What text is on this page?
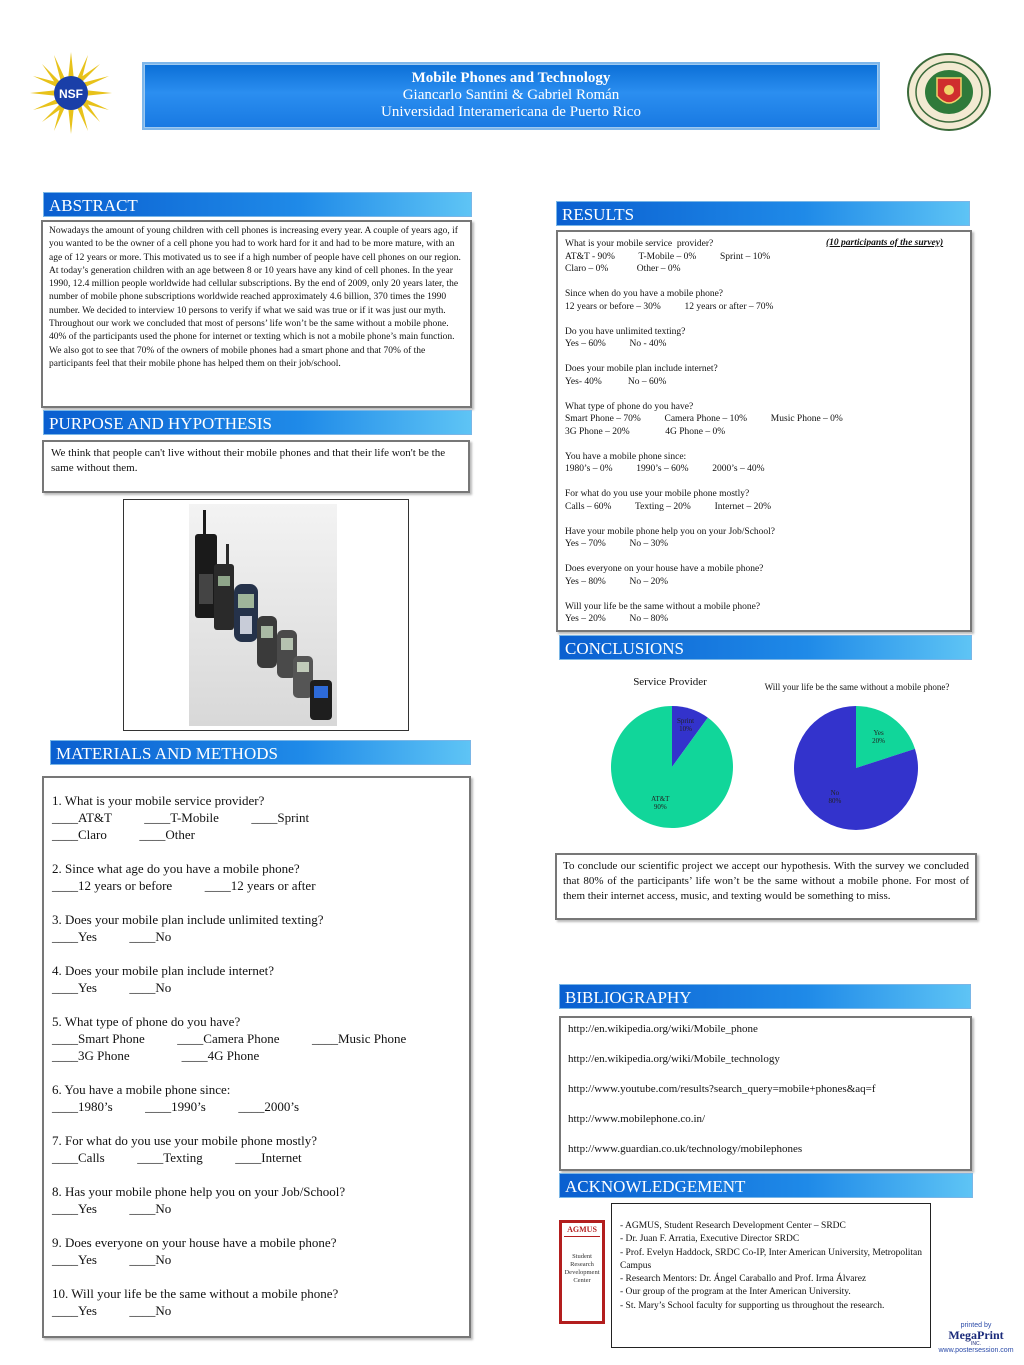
NSF
Mobile Phones and Technology
Giancarlo Santini & Gabriel Román
Universidad Interamericana de Puerto Rico
ABSTRACT
Nowadays the amount of young children with cell phones is increasing every year. A couple of years ago, if you wanted to be the owner of a cell phone you had to work hard for it and had to be more mature, with an age of 12 years or more. This motivated us to see if a high number of people have cell phones on our region. At today’s generation children with an age between 8 or 10 years have any kind of cell phones. In the year 1990, 12.4 million people worldwide had cellular subscriptions. By the end of 2009, only 20 years later, the number of mobile phone subscriptions worldwide reached approximately 4.6 billion, 370 times the 1990 number. We decided to interview 10 persons to verify if what we said was true or if it was just our myth. Throughout our work we concluded that most of persons’ life won’t be the same without a mobile phone. 40% of the participants used the phone for internet or texting which is not a mobile phone’s main function. We also got to see that 70% of the owners of mobile phones had a smart phone and that 70% of the participants feel that their mobile phone has helped them on their job/school.
PURPOSE AND HYPOTHESIS
We think that people can't live without their mobile phones and that their life won't be the same without them.
MATERIALS AND METHODS
1. What is your mobile service provider?
____AT&T          ____T-Mobile          ____Sprint
____Claro          ____Other
2. Since what age do you have a mobile phone?
____12 years or before          ____12 years or after
3. Does your mobile plan include unlimited texting?
____Yes          ____No
4. Does your mobile plan include internet?
____Yes          ____No
5. What type of phone do you have?
____Smart Phone          ____Camera Phone          ____Music Phone
____3G Phone                ____4G Phone
6. You have a mobile phone since:
____1980’s          ____1990’s          ____2000’s
7. For what do you use your mobile phone mostly?
____Calls          ____Texting          ____Internet
8. Has your mobile phone help you on your Job/School?
____Yes          ____No
9. Does everyone on your house have a mobile phone?
____Yes          ____No
10. Will your life be the same without a mobile phone?
____Yes          ____No
RESULTS
(10 participants of the survey)
What is your mobile service  provider?
AT&T - 90%          T-Mobile – 0%          Sprint – 10%
Claro – 0%            Other – 0%
Since when do you have a mobile phone?
12 years or before – 30%          12 years or after – 70%
Do you have unlimited texting?
Yes – 60%          No - 40%
Does your mobile plan include internet?
Yes- 40%           No – 60%
What type of phone do you have?
Smart Phone – 70%          Camera Phone – 10%          Music Phone – 0%
3G Phone – 20%               4G Phone – 0%
You have a mobile phone since:
1980’s – 0%          1990’s – 60%          2000’s – 40%
For what do you use your mobile phone mostly?
Calls – 60%          Texting – 20%          Internet – 20%
Have your mobile phone help you on your Job/School?
Yes – 70%          No – 30%
Does everyone on your house have a mobile phone?
Yes – 80%          No – 20%
Will your life be the same without a mobile phone?
Yes – 20%          No – 80%
CONCLUSIONS
Service Provider
Sprint 10%
AT&T 90%
Will your life be the same without a mobile phone?
Yes 20%
No 80%
To conclude our scientific project we accept our hypothesis. With the survey we concluded that 80% of the participants’ life won’t be the same without a mobile phone. For most of them their internet access, music, and texting would be something to miss.
BIBLIOGRAPHY
http://en.wikipedia.org/wiki/Mobile_phone
http://en.wikipedia.org/wiki/Mobile_technology
http://www.youtube.com/results?search_query=mobile+phones&aq=f
http://www.mobilephone.co.in/
http://www.guardian.co.uk/technology/mobilephones
ACKNOWLEDGEMENT
AGMUS
Student
Research
Development
Center
- AGMUS, Student Research Development Center – SRDC
- Dr. Juan F. Arratia, Executive Director SRDC
- Prof. Evelyn Haddock, SRDC Co-IP, Inter American University, Metropolitan Campus
- Research Mentors: Dr. Ángel Caraballo and Prof. Irma Álvarez
- Our group of the program at the Inter American University.
- St. Mary’s School faculty for supporting us throughout the research.
printed by
MegaPrint
INC.
www.postersession.com
